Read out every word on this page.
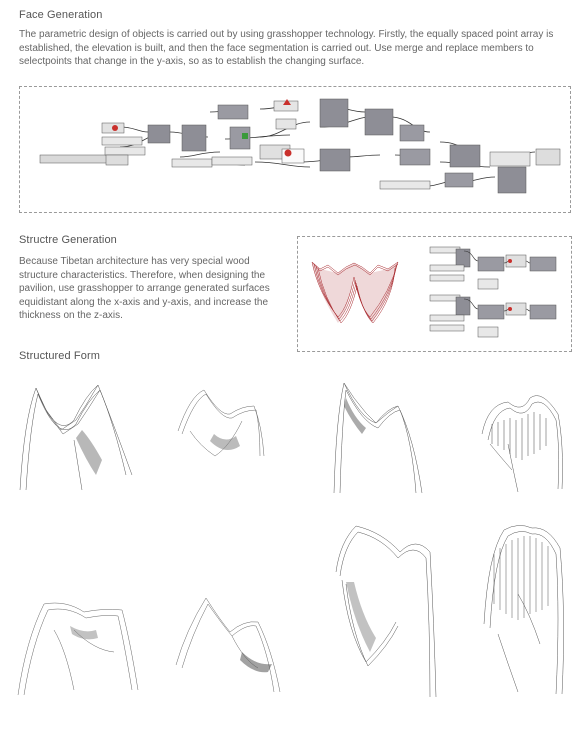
Face Generation

The parametric design of objects is carried out by using grasshopper technology. Firstly, the equally spaced point array is established, the elevation is built, and then the face segmentation is carried out. Use merge and replace members to selectpoints that change in the y-axis, so as to establish the changing surface.

Structre Generation

Because Tibetan architecture has very special wood structure characteristics. Therefore, when designing the pavilion, use grasshopper to arrange generated surfaces equidistant along the x-axis and y-axis, and increase the thickness on the z-axis.

Structured Form
